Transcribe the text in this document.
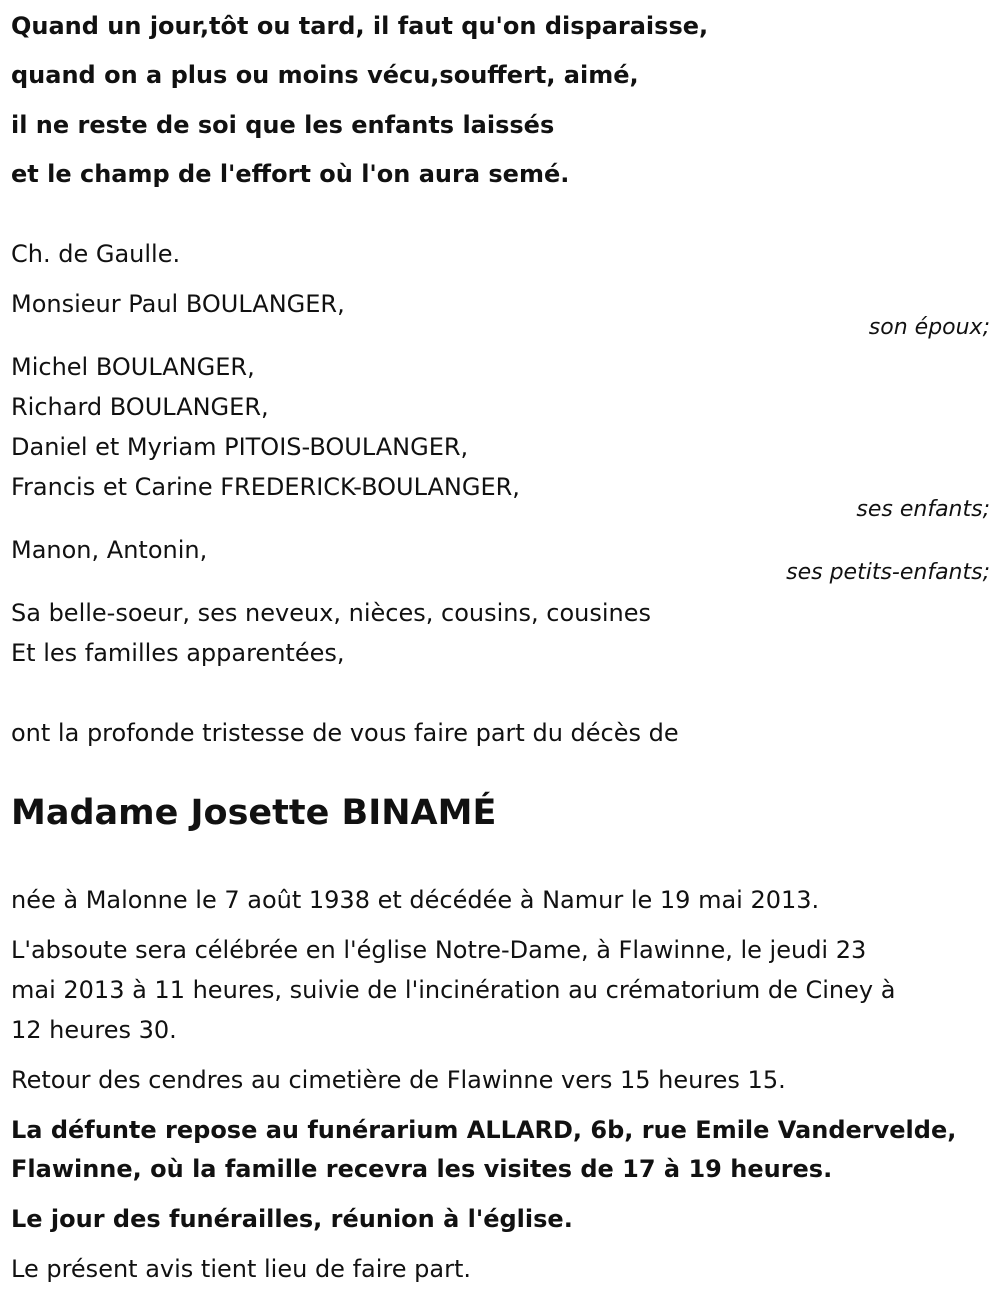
Quand un jour,tôt ou tard, il faut qu'on disparaisse,
quand on a plus ou moins vécu,souffert, aimé,
il ne reste de soi que les enfants laissés
et le champ de l'effort où l'on aura semé.
Ch. de Gaulle.
Monsieur Paul BOULANGER,
son époux;
Michel BOULANGER,
Richard BOULANGER,
Daniel et Myriam PITOIS-BOULANGER,
Francis et Carine FREDERICK-BOULANGER,
ses enfants;
Manon, Antonin,
ses petits-enfants;
Sa belle-soeur, ses neveux, nièces, cousins, cousines
Et les familles apparentées,
ont la profonde tristesse de vous faire part du décès de
Madame Josette BINAMÉ
née à Malonne le 7 août 1938 et décédée à Namur le 19 mai 2013.
L'absoute sera célébrée en l'église Notre-Dame, à Flawinne, le jeudi 23
mai 2013 à 11 heures, suivie de l'incinération au crématorium de Ciney à
12 heures 30.
Retour des cendres au cimetière de Flawinne vers 15 heures 15.
La défunte repose au funérarium ALLARD, 6b, rue Emile Vandervelde,
Flawinne, où la famille recevra les visites de 17 à 19 heures.
Le jour des funérailles, réunion à l'église.
Le présent avis tient lieu de faire part.
